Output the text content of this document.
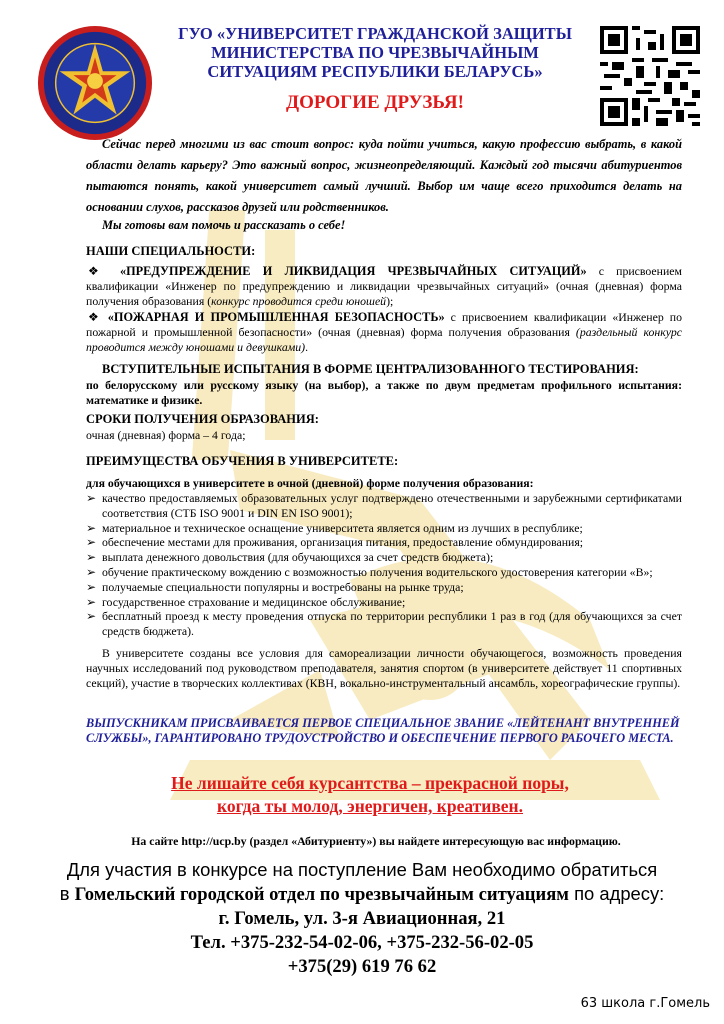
ГУО «УНИВЕРСИТЕТ ГРАЖДАНСКОЙ ЗАЩИТЫ
МИНИСТЕРСТВА ПО ЧРЕЗВЫЧАЙНЫМ
СИТУАЦИЯМ РЕСПУБЛИКИ БЕЛАРУСЬ»
ДОРОГИЕ ДРУЗЬЯ!
Сейчас перед многими из вас стоит вопрос: куда пойти учиться, какую профессию выбрать, в какой области делать карьеру? Это важный вопрос, жизнеопределяющий. Каждый год тысячи абитуриентов пытаются понять, какой университет самый лучший. Выбор им чаще всего приходится делать на основании слухов, рассказов друзей или родственников.
Мы готовы вам помочь и рассказать о себе!
НАШИ СПЕЦИАЛЬНОСТИ:
❖ «ПРЕДУПРЕЖДЕНИЕ И ЛИКВИДАЦИЯ ЧРЕЗВЫЧАЙНЫХ СИТУАЦИЙ» с присвоением квалификации «Инженер по предупреждению и ликвидации чрезвычайных ситуаций» (очная (дневная) форма получения образования (конкурс проводится среди юношей);
❖ «ПОЖАРНАЯ И ПРОМЫШЛЕННАЯ БЕЗОПАСНОСТЬ» с присвоением квалификации «Инженер по пожарной и промышленной безопасности» (очная (дневная) форма получения образования (раздельный конкурс проводится между юношами и девушками).
ВСТУПИТЕЛЬНЫЕ ИСПЫТАНИЯ В ФОРМЕ ЦЕНТРАЛИЗОВАННОГО ТЕСТИРОВАНИЯ:
по белорусскому или русскому языку (на выбор), а также по двум предметам профильного испытания: математике и физике.
СРОКИ ПОЛУЧЕНИЯ ОБРАЗОВАНИЯ:
очная (дневная) форма – 4 года;
ПРЕИМУЩЕСТВА ОБУЧЕНИЯ В УНИВЕРСИТЕТЕ:
для обучающихся в университете в очной (дневной) форме получения образования:
➢ качество предоставляемых образовательных услуг подтверждено отечественными и зарубежными сертификатами соответствия (СТБ ISO 9001 и DIN EN ISO 9001);
➢ материальное и техническое оснащение университета является одним из лучших в республике;
➢ обеспечение местами для проживания, организация питания, предоставление обмундирования;
➢ выплата денежного довольствия (для обучающихся за счет средств бюджета);
➢ обучение практическому вождению с возможностью получения водительского удостоверения категории «В»;
➢ получаемые специальности популярны и востребованы на рынке труда;
➢ государственное страхование и медицинское обслуживание;
➢ бесплатный проезд к месту проведения отпуска по территории республики 1 раз в год (для обучающихся за счет средств бюджета).
В университете созданы все условия для самореализации личности обучающегося, возможность проведения научных исследований под руководством преподавателя, занятия спортом (в университете действует 11 спортивных секций), участие в творческих коллективах (КВН, вокально-инструментальный ансамбль, хореографические группы).
ВЫПУСКНИКАМ ПРИСВАИВАЕТСЯ ПЕРВОЕ СПЕЦИАЛЬНОЕ ЗВАНИЕ «ЛЕЙТЕНАНТ ВНУТРЕННЕЙ СЛУЖБЫ», ГАРАНТИРОВАНО ТРУДОУСТРОЙСТВО И ОБЕСПЕЧЕНИЕ ПЕРВОГО РАБОЧЕГО МЕСТА.
Не лишайте себя курсантства – прекрасной поры,
когда ты молод, энергичен, креативен.
На сайте http://ucp.by (раздел «Абитуриенту») вы найдете интересующую вас информацию.
Для участия в конкурсе на поступление Вам необходимо обратиться
в Гомельский городской отдел по чрезвычайным ситуациям по адресу:
г. Гомель, ул. 3-я Авиационная, 21
Тел. +375-232-54-02-06, +375-232-56-02-05
+375(29) 619 76 62
63 школа г.Гомель
